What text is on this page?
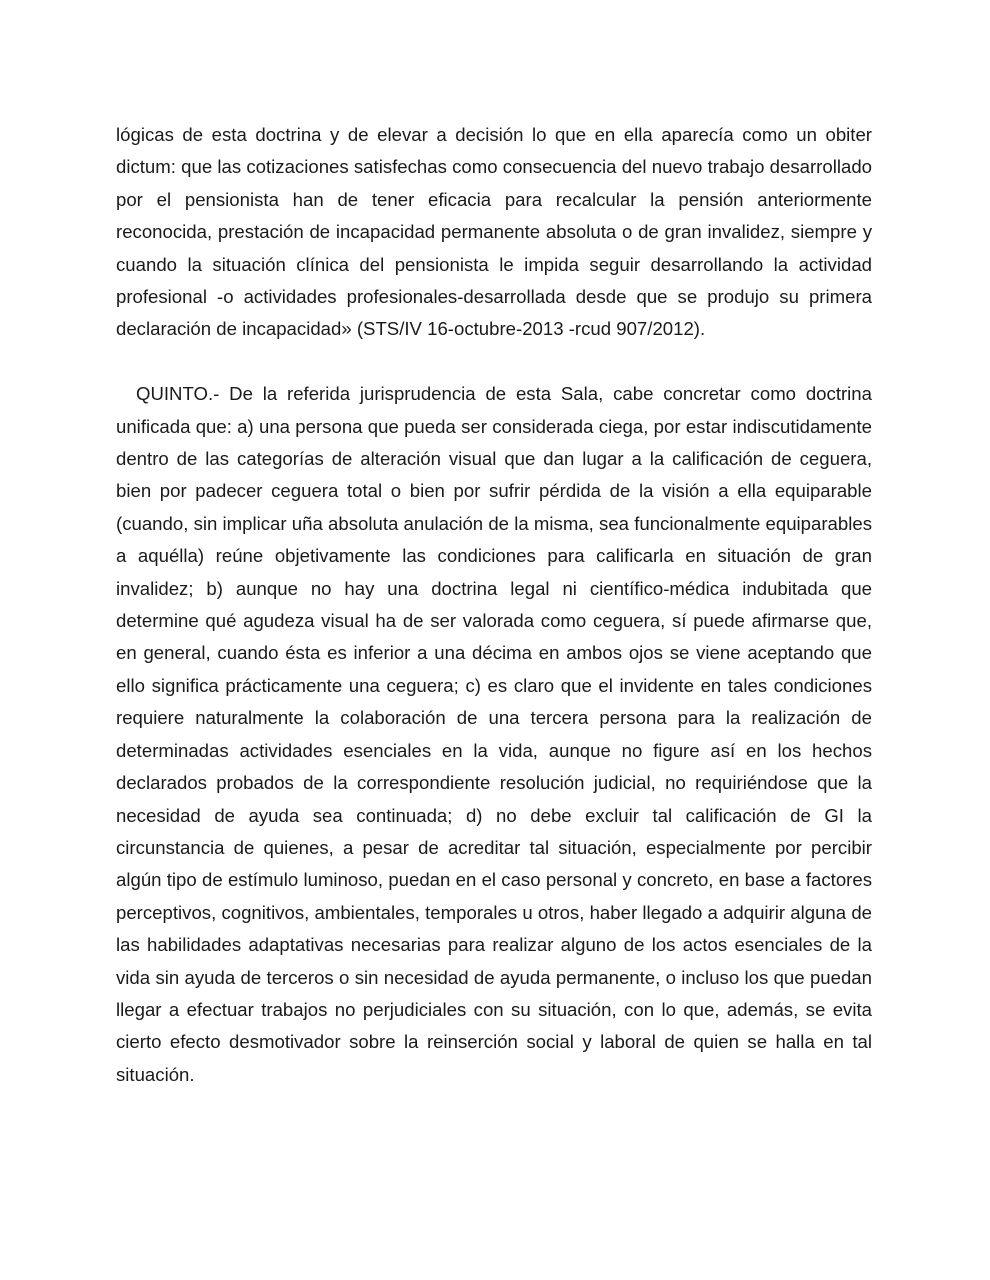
lógicas de esta doctrina y de elevar a decisión lo que en ella aparecía como un obiter dictum: que las cotizaciones satisfechas como consecuencia del nuevo trabajo desarrollado por el pensionista han de tener eficacia para recalcular la pensión anteriormente reconocida, prestación de incapacidad permanente absoluta o de gran invalidez, siempre y cuando la situación clínica del pensionista le impida seguir desarrollando la actividad profesional -o actividades profesionales-desarrollada desde que se produjo su primera declaración de incapacidad» (STS/IV 16-octubre-2013 -rcud 907/2012).

QUINTO.- De la referida jurisprudencia de esta Sala, cabe concretar como doctrina unificada que: a) una persona que pueda ser considerada ciega, por estar indiscutidamente dentro de las categorías de alteración visual que dan lugar a la calificación de ceguera, bien por padecer ceguera total o bien por sufrir pérdida de la visión a ella equiparable (cuando, sin implicar uña absoluta anulación de la misma, sea funcionalmente equiparables a aquélla) reúne objetivamente las condiciones para calificarla en situación de gran invalidez; b) aunque no hay una doctrina legal ni científico-médica indubitada que determine qué agudeza visual ha de ser valorada como ceguera, sí puede afirmarse que, en general, cuando ésta es inferior a una décima en ambos ojos se viene aceptando que ello significa prácticamente una ceguera; c) es claro que el invidente en tales condiciones requiere naturalmente la colaboración de una tercera persona para la realización de determinadas actividades esenciales en la vida, aunque no figure así en los hechos declarados probados de la correspondiente resolución judicial, no requiriéndose que la necesidad de ayuda sea continuada; d) no debe excluir tal calificación de GI la circunstancia de quienes, a pesar de acreditar tal situación, especialmente por percibir algún tipo de estímulo luminoso, puedan en el caso personal y concreto, en base a factores perceptivos, cognitivos, ambientales, temporales u otros, haber llegado a adquirir alguna de las habilidades adaptativas necesarias para realizar alguno de los actos esenciales de la vida sin ayuda de terceros o sin necesidad de ayuda permanente, o incluso los que puedan llegar a efectuar trabajos no perjudiciales con su situación, con lo que, además, se evita cierto efecto desmotivador sobre la reinserción social y laboral de quien se halla en tal situación.
